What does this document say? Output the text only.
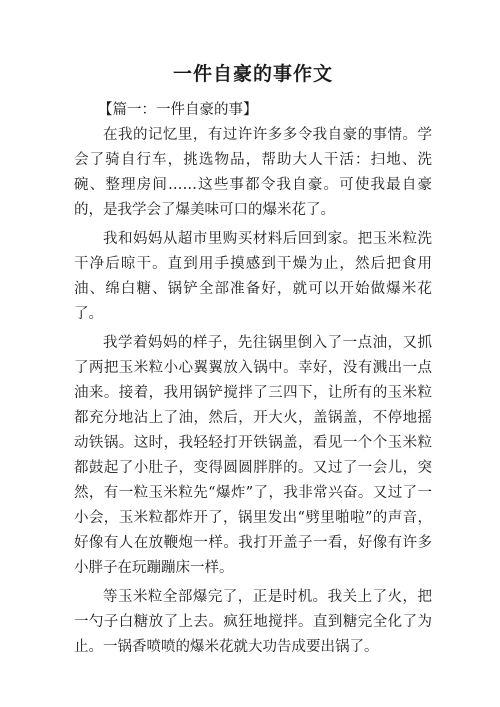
一件自豪的事作文
【篇一：一件自豪的事】

在我的记忆里，有过许许多多令我自豪的事情。学会了骑自行车，挑选物品，帮助大人干活：扫地、洗碗、整理房间……这些事都令我自豪。可使我最自豪的，是我学会了爆美味可口的爆米花了。

我和妈妈从超市里购买材料后回到家。把玉米粒洗干净后晾干。直到用手摸感到干燥为止，然后把食用油、绵白糖、锅铲全部准备好，就可以开始做爆米花了。

我学着妈妈的样子，先往锅里倒入了一点油，又抓了两把玉米粒小心翼翼放入锅中。幸好，没有溅出一点油来。接着，我用锅铲搅拌了三四下，让所有的玉米粒都充分地沾上了油，然后，开大火，盖锅盖，不停地摇动铁锅。这时，我轻轻打开铁锅盖，看见一个个玉米粒都鼓起了小肚子，变得圆圆胖胖的。又过了一会儿，突然，有一粒玉米粒先“爆炸”了，我非常兴奋。又过了一小会，玉米粒都炸开了，锅里发出“劈里啪啦”的声音，好像有人在放鞭炮一样。我打开盖子一看，好像有许多小胖子在玩蹦蹦床一样。

等玉米粒全部爆完了，正是时机。我关上了火，把一勺子白糖放了上去。疯狂地搅拌。直到糖完全化了为止。一锅香喷喷的爆米花就大功告成要出锅了。
